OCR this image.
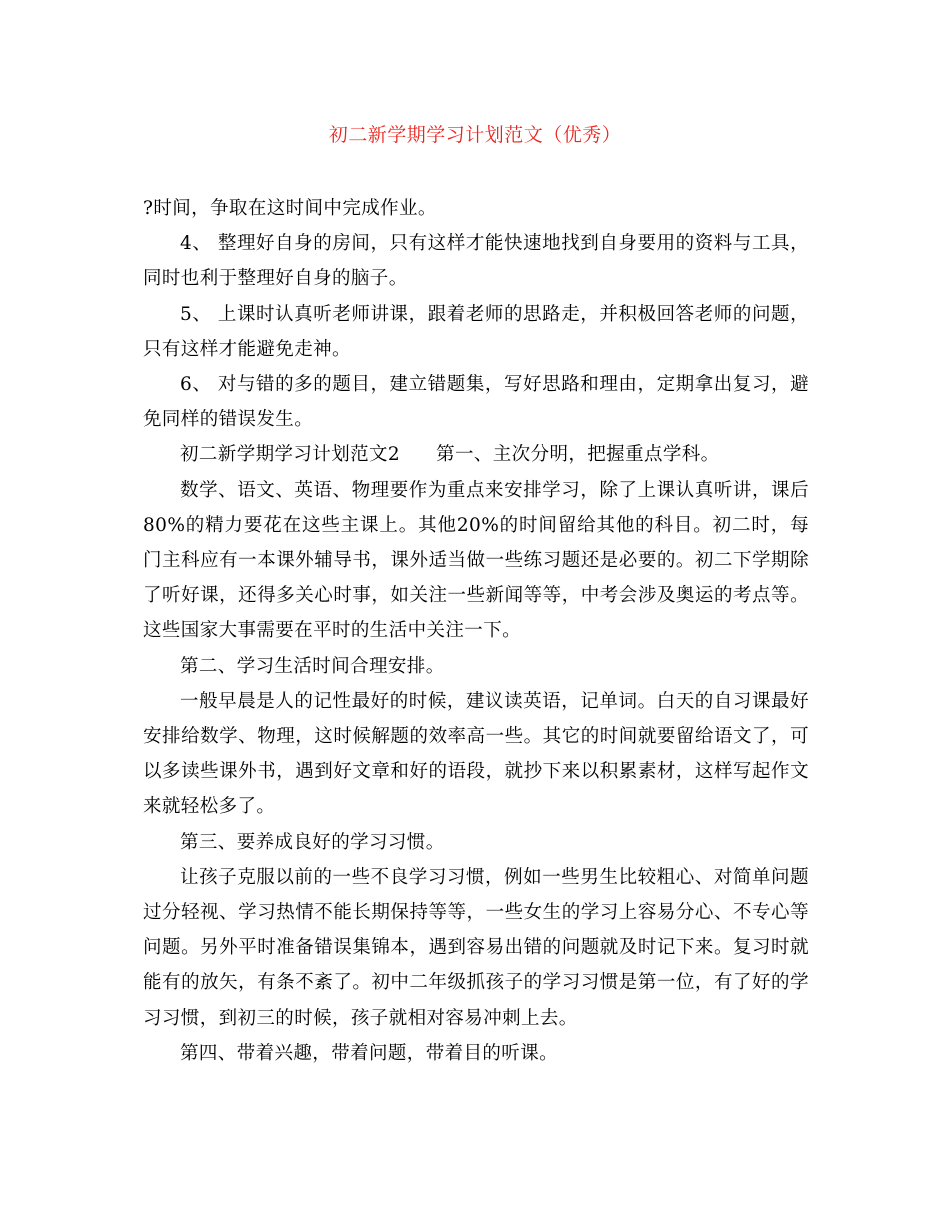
初二新学期学习计划范文（优秀）

?时间，争取在这时间中完成作业。

4、 整理好自身的房间，只有这样才能快速地找到自身要用的资料与工具，同时也利于整理好自身的脑子。

5、 上课时认真听老师讲课，跟着老师的思路走，并积极回答老师的问题，只有这样才能避免走神。

6、 对与错的多的题目，建立错题集，写好思路和理由，定期拿出复习，避免同样的错误发生。

初二新学期学习计划范文2 第一、主次分明，把握重点学科。

数学、语文、英语、物理要作为重点来安排学习，除了上课认真听讲，课后80%的精力要花在这些主课上。其他20%的时间留给其他的科目。初二时，每门主科应有一本课外辅导书，课外适当做一些练习题还是必要的。初二下学期除了听好课，还得多关心时事，如关注一些新闻等等，中考会涉及奥运的考点等。这些国家大事需要在平时的生活中关注一下。

第二、学习生活时间合理安排。

一般早晨是人的记性最好的时候，建议读英语，记单词。白天的自习课最好安排给数学、物理，这时候解题的效率高一些。其它的时间就要留给语文了，可以多读些课外书，遇到好文章和好的语段，就抄下来以积累素材，这样写起作文来就轻松多了。

第三、要养成良好的学习习惯。

让孩子克服以前的一些不良学习习惯，例如一些男生比较粗心、对简单问题过分轻视、学习热情不能长期保持等等，一些女生的学习上容易分心、不专心等问题。另外平时准备错误集锦本，遇到容易出错的问题就及时记下来。复习时就能有的放矢，有条不紊了。初中二年级抓孩子的学习习惯是第一位，有了好的学习习惯，到初三的时候，孩子就相对容易冲刺上去。

第四、带着兴趣，带着问题，带着目的听课。
